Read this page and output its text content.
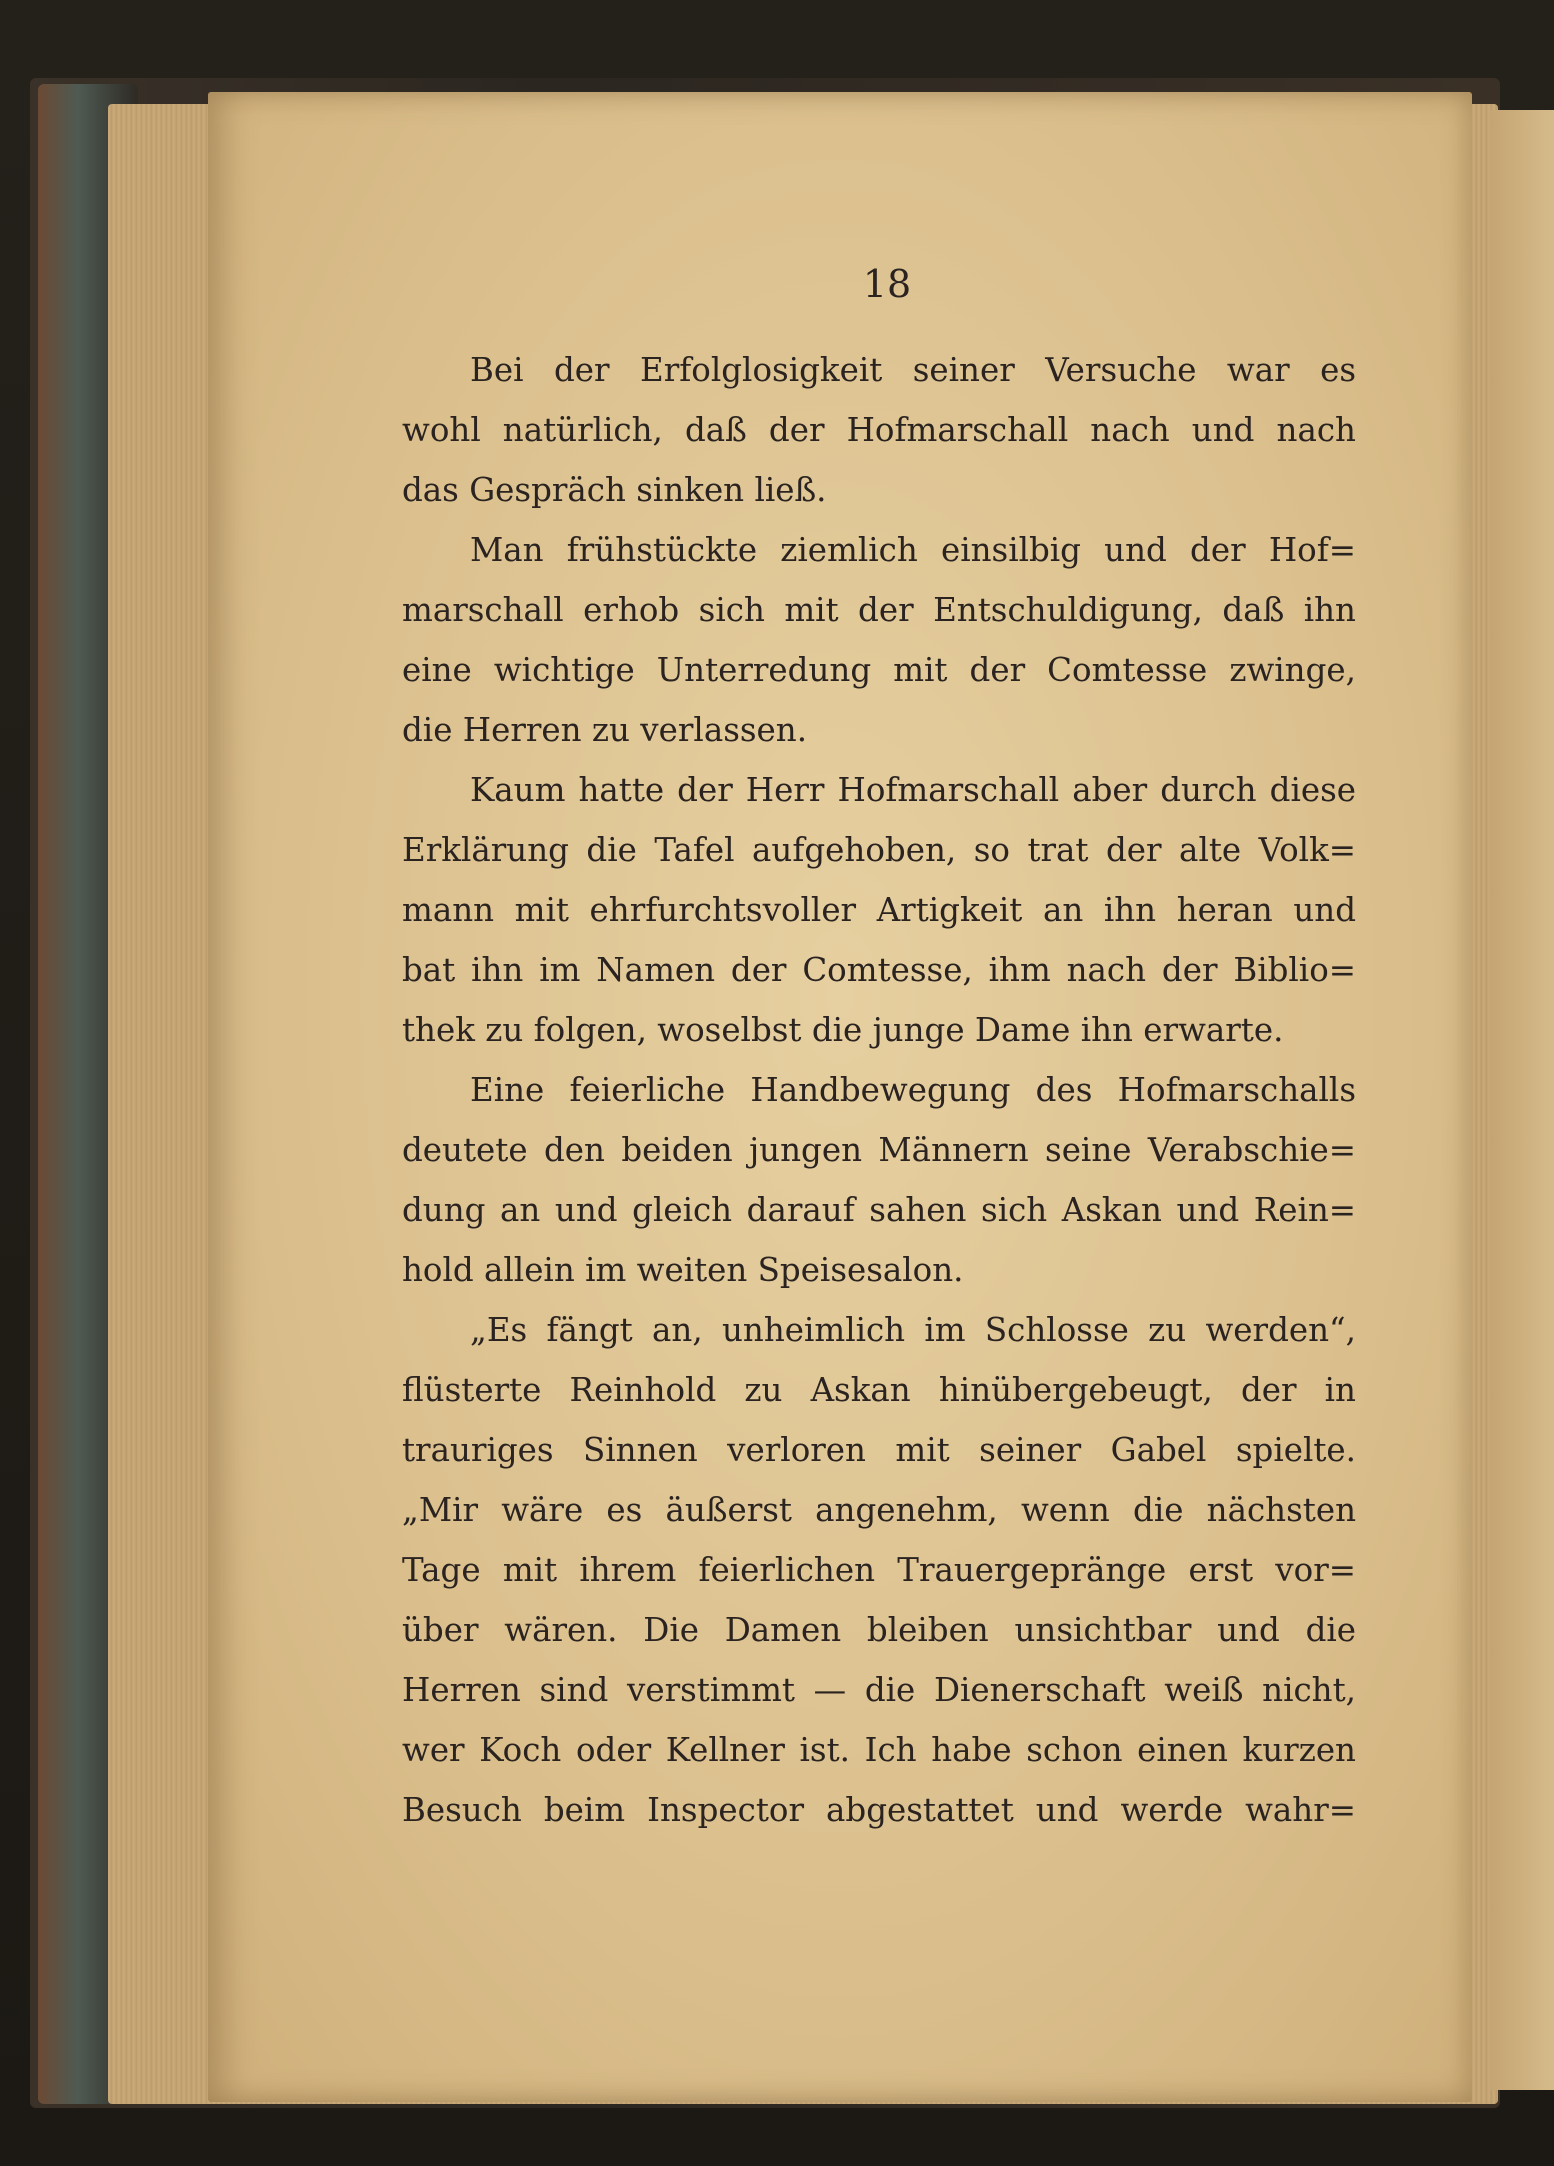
18
Bei der Erfolglosigkeit seiner Versuche war es
wohl natürlich, daß der Hofmarschall nach und nach
das Gespräch sinken ließ.
Man frühstückte ziemlich einsilbig und der Hof=
marschall erhob sich mit der Entschuldigung, daß ihn
eine wichtige Unterredung mit der Comtesse zwinge,
die Herren zu verlassen.
Kaum hatte der Herr Hofmarschall aber durch diese
Erklärung die Tafel aufgehoben, so trat der alte Volk=
mann mit ehrfurchtsvoller Artigkeit an ihn heran und
bat ihn im Namen der Comtesse, ihm nach der Biblio=
thek zu folgen, woselbst die junge Dame ihn erwarte.
Eine feierliche Handbewegung des Hofmarschalls
deutete den beiden jungen Männern seine Verabschie=
dung an und gleich darauf sahen sich Askan und Rein=
hold allein im weiten Speisesalon.
„Es fängt an, unheimlich im Schlosse zu werden“,
flüsterte Reinhold zu Askan hinübergebeugt, der in
trauriges Sinnen verloren mit seiner Gabel spielte.
„Mir wäre es äußerst angenehm, wenn die nächsten
Tage mit ihrem feierlichen Trauergepränge erst vor=
über wären. Die Damen bleiben unsichtbar und die
Herren sind verstimmt — die Dienerschaft weiß nicht,
wer Koch oder Kellner ist. Ich habe schon einen kurzen
Besuch beim Inspector abgestattet und werde wahr=
